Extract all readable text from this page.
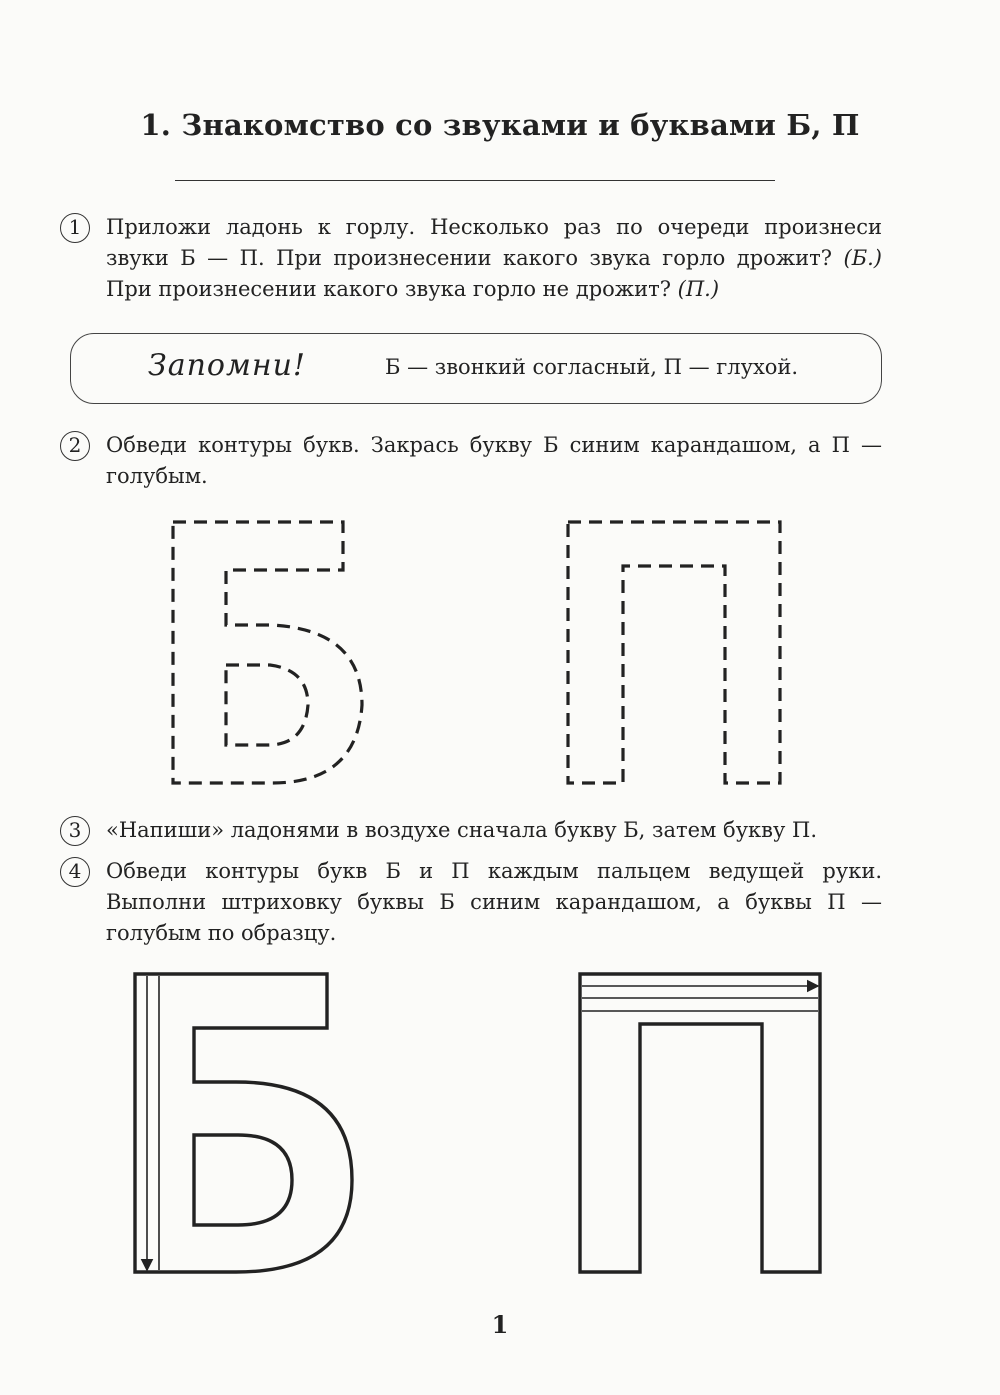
1. Знакомство со звуками и буквами Б, П
1	Приложи ладонь к горлу. Несколько раз по очереди произнеси звуки Б — П. При произнесении какого звука горло дрожит? (Б.) При произнесении какого звука горло не дрожит? (П.)
Запомни!	Б — звонкий согласный, П — глухой.
2	Обведи контуры букв. Закрась букву Б синим карандашом, а П — голубым.
3	«Напиши» ладонями в воздухе сначала букву Б, затем букву П.
4	Обведи контуры букв Б и П каждым пальцем ведущей руки. Выполни штриховку буквы Б синим карандашом, а буквы П — голубым по образцу.
1
